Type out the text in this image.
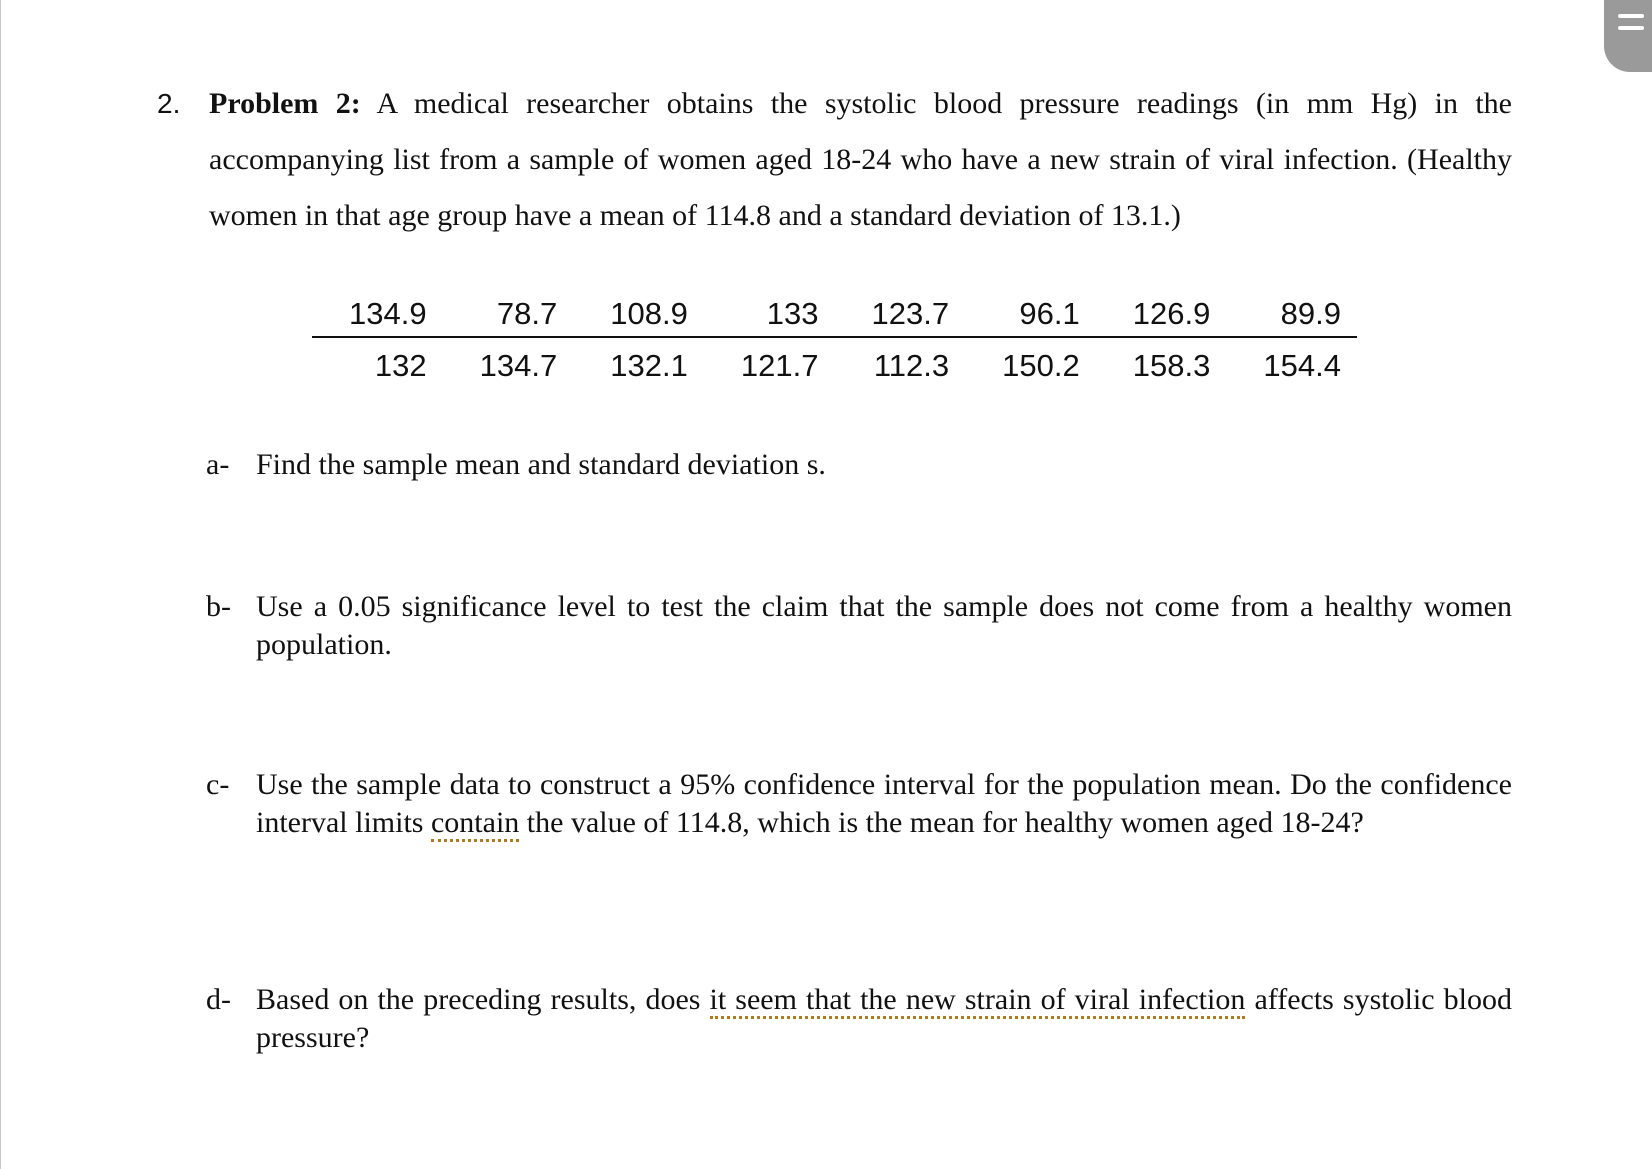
2. Problem 2: A medical researcher obtains the systolic blood pressure readings (in mm Hg) in the accompanying list from a sample of women aged 18-24 who have a new strain of viral infection. (Healthy women in that age group have a mean of 114.8 and a standard deviation of 13.1.)
134.9	78.7	108.9	133	123.7	96.1	126.9	89.9
132	134.7	132.1	121.7	112.3	150.2	158.3	154.4
a- Find the sample mean and standard deviation s.
b- Use a 0.05 significance level to test the claim that the sample does not come from a healthy women population.
c- Use the sample data to construct a 95% confidence interval for the population mean. Do the confidence interval limits contain the value of 114.8, which is the mean for healthy women aged 18-24?
d- Based on the preceding results, does it seem that the new strain of viral infection affects systolic blood pressure?
